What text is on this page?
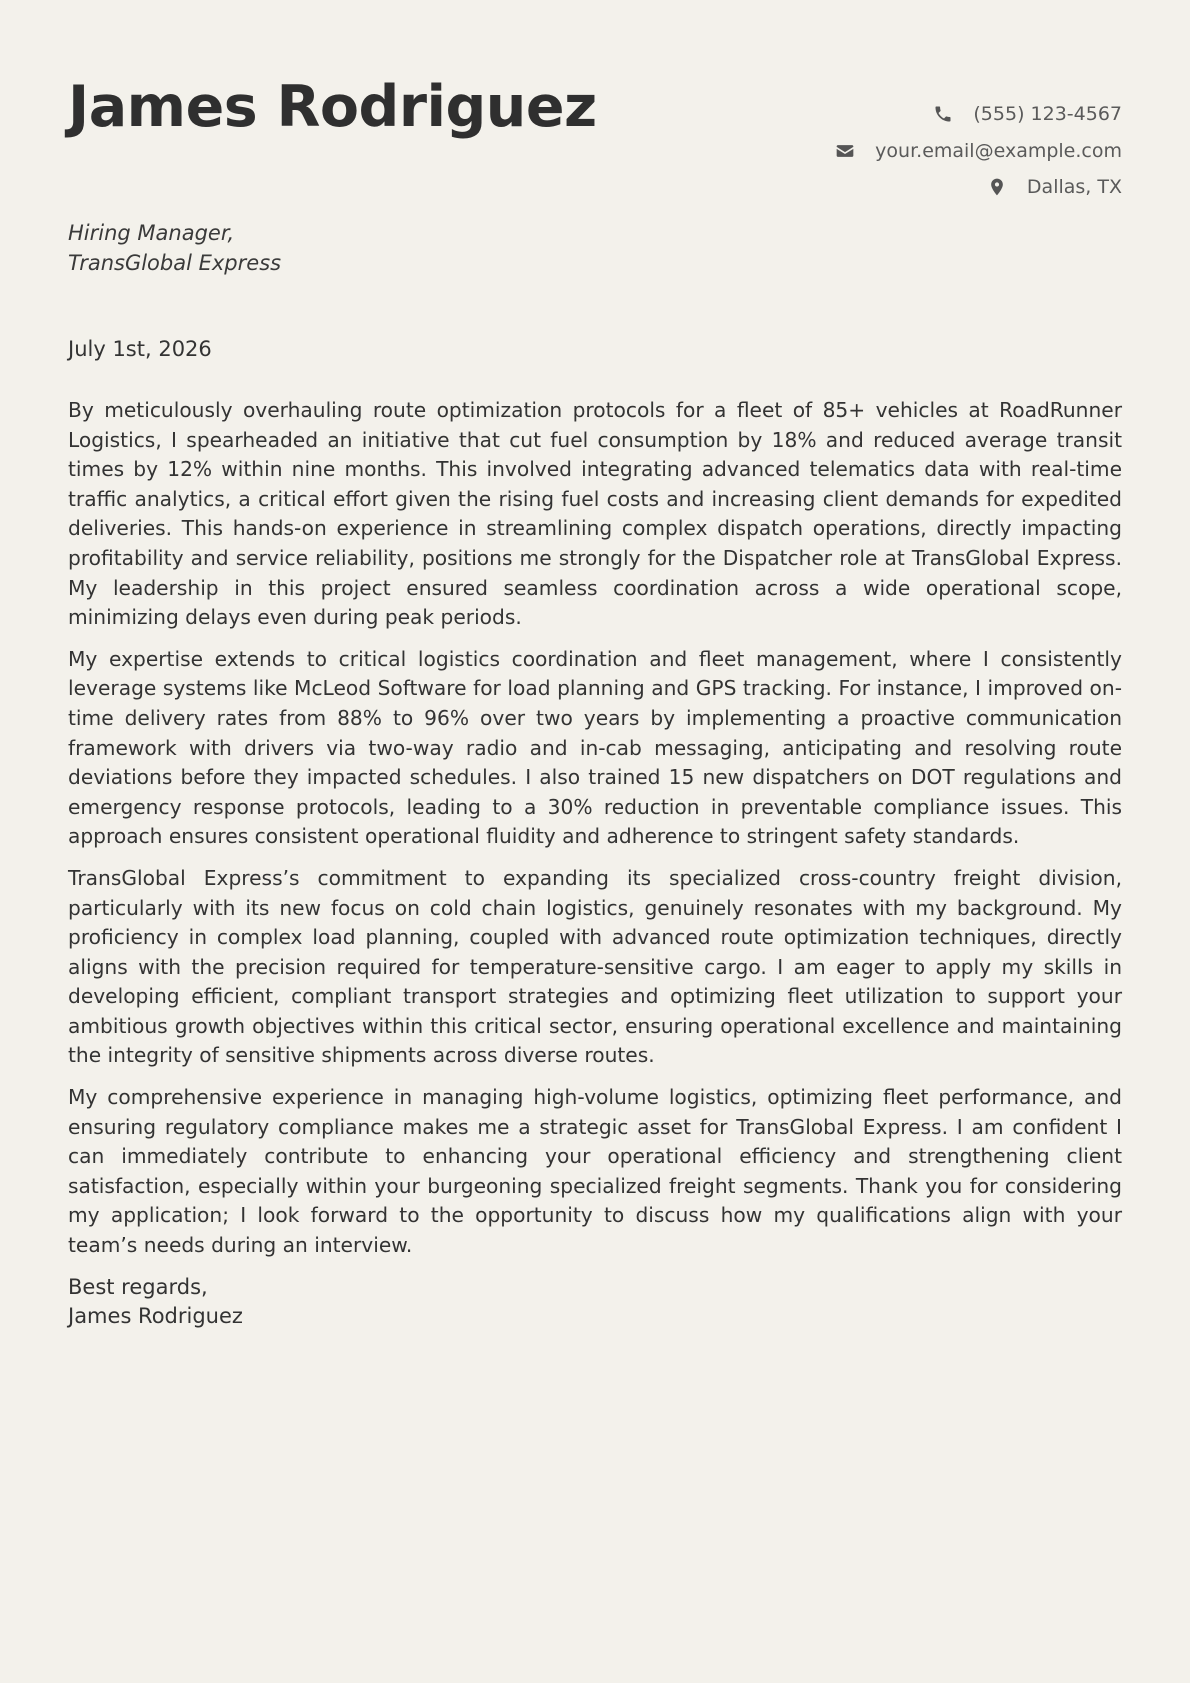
James Rodriguez	(555) 123-4567
your.email@example.com
Dallas, TX
Hiring Manager,
TransGlobal Express
July 1st, 2026

By meticulously overhauling route optimization protocols for a fleet of 85+ vehicles at RoadRunner Logistics, I spearheaded an initiative that cut fuel consumption by 18% and reduced average transit times by 12% within nine months. This involved integrating advanced telematics data with real-time traffic analytics, a critical effort given the rising fuel costs and increasing client demands for expedited deliveries. This hands-on experience in streamlining complex dispatch operations, directly impacting profitability and service reliability, positions me strongly for the Dispatcher role at TransGlobal Express. My leadership in this project ensured seamless coordination across a wide operational scope, minimizing delays even during peak periods.

My expertise extends to critical logistics coordination and fleet management, where I consistently leverage systems like McLeod Software for load planning and GPS tracking. For instance, I improved on-time delivery rates from 88% to 96% over two years by implementing a proactive communication framework with drivers via two-way radio and in-cab messaging, anticipating and resolving route deviations before they impacted schedules. I also trained 15 new dispatchers on DOT regulations and emergency response protocols, leading to a 30% reduction in preventable compliance issues. This approach ensures consistent operational fluidity and adherence to stringent safety standards.

TransGlobal Express’s commitment to expanding its specialized cross-country freight division, particularly with its new focus on cold chain logistics, genuinely resonates with my background. My proficiency in complex load planning, coupled with advanced route optimization techniques, directly aligns with the precision required for temperature-sensitive cargo. I am eager to apply my skills in developing efficient, compliant transport strategies and optimizing fleet utilization to support your ambitious growth objectives within this critical sector, ensuring operational excellence and maintaining the integrity of sensitive shipments across diverse routes.

My comprehensive experience in managing high-volume logistics, optimizing fleet performance, and ensuring regulatory compliance makes me a strategic asset for TransGlobal Express. I am confident I can immediately contribute to enhancing your operational efficiency and strengthening client satisfaction, especially within your burgeoning specialized freight segments. Thank you for considering my application; I look forward to the opportunity to discuss how my qualifications align with your team’s needs during an interview.

Best regards,
James Rodriguez
